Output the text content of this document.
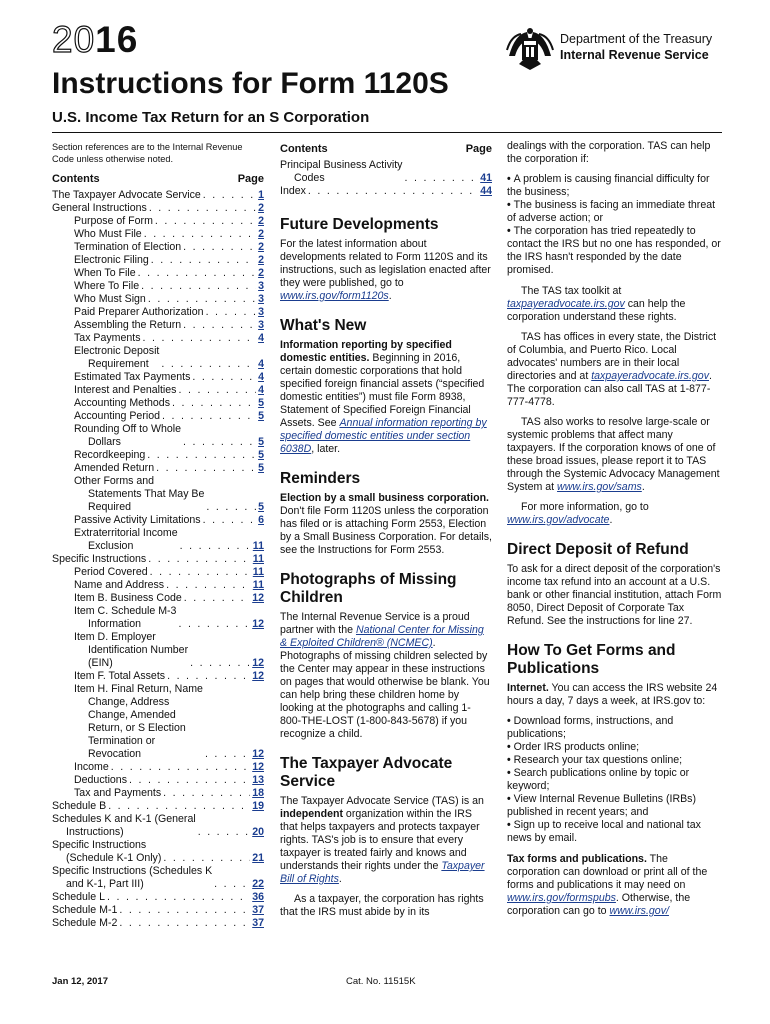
2016	Department of the Treasury
Internal Revenue Service
Instructions for Form 1120S
U.S. Income Tax Return for an S Corporation
Section references are to the Internal Revenue Code unless otherwise noted.
Contents	Page
The Taxpayer Advocate Service . . .	1
General Instructions . . .	2
Purpose of Form . . .	2
Who Must File . . .	2
Termination of Election . . .	2
Electronic Filing . . .	2
When To File . . .	2
Where To File . . .	3
Who Must Sign . . .	3
Paid Preparer Authorization . . .	3
Assembling the Return . . .	3
Tax Payments . . .	4
Electronic Deposit
Requirement . . .	4
Estimated Tax Payments . . .	4
Interest and Penalties . . .	4
Accounting Methods . . .	5
Accounting Period . . .	5
Rounding Off to Whole
Dollars . . .	5
Recordkeeping . . .	5
Amended Return . . .	5
Other Forms and
Statements That May Be
Required . . .	5
Passive Activity Limitations . . .	6
Extraterritorial Income
Exclusion . . .	11
Specific Instructions . . .	11
Period Covered . . .	11
Name and Address . . .	11
Item B. Business Code . . .	12
Item C. Schedule M-3
Information . . .	12
Item D. Employer
Identification Number
(EIN) . . .	12
Item F. Total Assets . . .	12
Item H. Final Return, Name
Change, Address
Change, Amended
Return, or S Election
Termination or
Revocation . . .	12
Income . . .	12
Deductions . . .	13
Tax and Payments . . .	18
Schedule B . . .	19
Schedules K and K-1 (General
Instructions) . . .	20
Specific Instructions
(Schedule K-1 Only) . . .	21
Specific Instructions (Schedules K
and K-1, Part III) . . .	22
Schedule L . . .	36
Schedule M-1 . . .	37
Schedule M-2 . . .	37
Contents	Page
Principal Business Activity
Codes . . .	41
Index . . .	44
Future Developments

For the latest information about developments related to Form 1120S and its instructions, such as legislation enacted after they were published, go to www.irs.gov/form1120s.

What's New

Information reporting by specified domestic entities. Beginning in 2016, certain domestic corporations that hold specified foreign financial assets (“specified domestic entities”) must file Form 8938, Statement of Specified Foreign Financial Assets. See Annual information reporting by specified domestic entities under section 6038D, later.

Reminders

Election by a small business corporation. Don't file Form 1120S unless the corporation has filed or is attaching Form 2553, Election by a Small Business Corporation. For details, see the Instructions for Form 2553.

Photographs of Missing Children

The Internal Revenue Service is a proud partner with the National Center for Missing & Exploited Children® (NCMEC). Photographs of missing children selected by the Center may appear in these instructions on pages that would otherwise be blank. You can help bring these children home by looking at the photographs and calling 1-800-THE-LOST (1-800-843-5678) if you recognize a child.

The Taxpayer Advocate Service

The Taxpayer Advocate Service (TAS) is an independent organization within the IRS that helps taxpayers and protects taxpayer rights. TAS's job is to ensure that every taxpayer is treated fairly and knows and understands their rights under the Taxpayer Bill of Rights.

As a taxpayer, the corporation has rights that the IRS must abide by in its

dealings with the corporation. TAS can help the corporation if:

• A problem is causing financial difficulty for the business;
• The business is facing an immediate threat of adverse action; or
• The corporation has tried repeatedly to contact the IRS but no one has responded, or the IRS hasn't responded by the date promised.

The TAS tax toolkit at taxpayeradvocate.irs.gov can help the corporation understand these rights.

TAS has offices in every state, the District of Columbia, and Puerto Rico. Local advocates' numbers are in their local directories and at taxpayeradvocate.irs.gov. The corporation can also call TAS at 1-877-777-4778.

TAS also works to resolve large-scale or systemic problems that affect many taxpayers. If the corporation knows of one of these broad issues, please report it to TAS through the Systemic Advocacy Management System at www.irs.gov/sams.

For more information, go to www.irs.gov/advocate.

Direct Deposit of Refund

To ask for a direct deposit of the corporation's income tax refund into an account at a U.S. bank or other financial institution, attach Form 8050, Direct Deposit of Corporate Tax Refund. See the instructions for line 27.

How To Get Forms and Publications

Internet. You can access the IRS website 24 hours a day, 7 days a week, at IRS.gov to:

• Download forms, instructions, and publications;
• Order IRS products online;
• Research your tax questions online;
• Search publications online by topic or keyword;
• View Internal Revenue Bulletins (IRBs) published in recent years; and
• Sign up to receive local and national tax news by email.

Tax forms and publications. The corporation can download or print all of the forms and publications it may need on www.irs.gov/formspubs. Otherwise, the corporation can go to www.irs.gov/

Jan 12, 2017	Cat. No. 11515K
